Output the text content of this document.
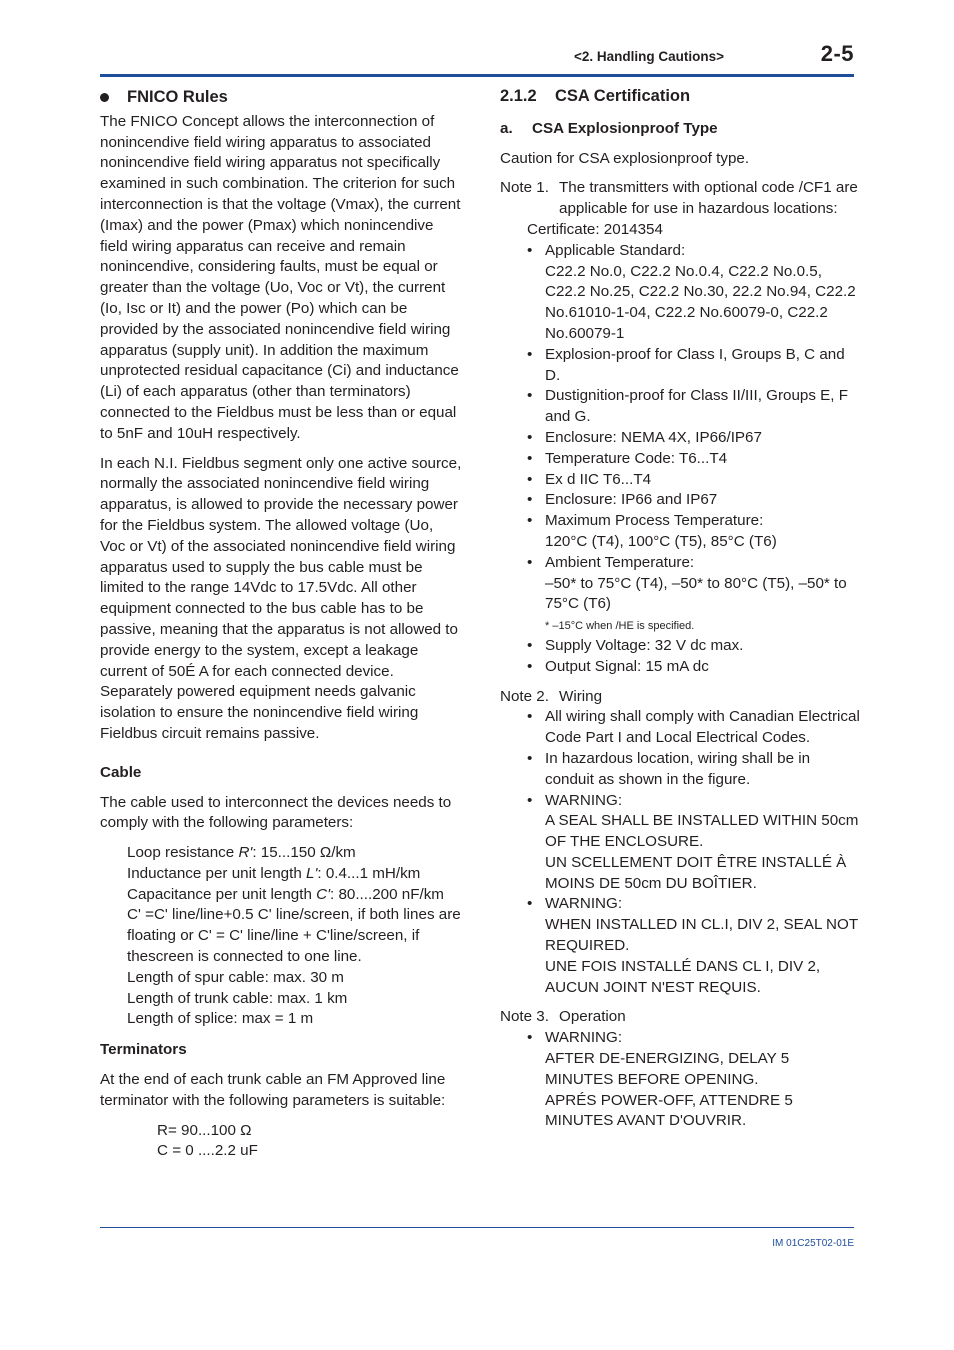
<2. Handling Cautions>	2-5

FNICO Rules

The FNICO Concept allows the interconnection of nonincendive field wiring apparatus to associated nonincendive field wiring apparatus not specifically examined in such combination. The criterion for such interconnection is that the voltage (Vmax), the current (Imax) and the power (Pmax) which nonincendive field wiring apparatus can receive and remain nonincendive, considering faults, must be equal or greater than the voltage (Uo, Voc or Vt), the current (Io, Isc or It) and the power (Po) which can be provided by the associated nonincendive field wiring apparatus (supply unit). In addition the maximum unprotected residual capacitance (Ci) and inductance (Li) of each apparatus (other than terminators) connected to the Fieldbus must be less than or equal to 5nF and 10uH respectively.

In each N.I. Fieldbus segment only one active source, normally the associated nonincendive field wiring apparatus, is allowed to provide the necessary power for the Fieldbus system. The allowed voltage (Uo, Voc or Vt) of the associated nonincendive field wiring apparatus used to supply the bus cable must be limited to the range 14Vdc to 17.5Vdc. All other equipment connected to the bus cable has to be passive, meaning that the apparatus is not allowed to provide energy to the system, except a leakage current of 50É A for each connected device. Separately powered equipment needs galvanic isolation to ensure the nonincendive field wiring Fieldbus circuit remains passive.

Cable

The cable used to interconnect the devices needs to comply with the following parameters:

Loop resistance R': 15...150 Ω/km

Inductance per unit length L': 0.4...1 mH/km

Capacitance per unit length C': 80....200 nF/km

C' =C' line/line+0.5 C' line/screen, if both lines are floating or C' = C' line/line + C'line/screen, if thescreen is connected to one line.

Length of spur cable: max. 30 m

Length of trunk cable: max. 1 km

Length of splice: max = 1 m

Terminators

At the end of each trunk cable an FM Approved line terminator with the following parameters is suitable:

R= 90...100 Ω

C = 0 ....2.2 uF

2.1.2 CSA Certification

a. CSA Explosionproof Type

Caution for CSA explosionproof type.

Note 1. The transmitters with optional code /CF1 are applicable for use in hazardous locations:

Certificate: 2014354

• Applicable Standard:
C22.2 No.0, C22.2 No.0.4, C22.2 No.0.5, C22.2 No.25, C22.2 No.30, 22.2 No.94, C22.2 No.61010-1-04, C22.2 No.60079-0, C22.2 No.60079-1
• Explosion-proof for Class I, Groups B, C and D.
• Dustignition-proof for Class II/III, Groups E, F and G.
• Enclosure: NEMA 4X, IP66/IP67
• Temperature Code: T6...T4
• Ex d IIC T6...T4
• Enclosure: IP66 and IP67
• Maximum Process Temperature:
120°C (T4), 100°C (T5), 85°C (T6)
• Ambient Temperature:
–50* to 75°C (T4), –50* to 80°C (T5), –50* to 75°C (T6)
* –15°C when /HE is specified.
• Supply Voltage: 32 V dc max.
• Output Signal: 15 mA dc
Note 2. Wiring
• All wiring shall comply with Canadian Electrical Code Part I and Local Electrical Codes.
• In hazardous location, wiring shall be in conduit as shown in the figure.
• WARNING:
A SEAL SHALL BE INSTALLED WITHIN 50cm OF THE ENCLOSURE.
UN SCELLEMENT DOIT ÊTRE INSTALLÉ À MOINS DE 50cm DU BOÎTIER.
• WARNING:
WHEN INSTALLED IN CL.I, DIV 2, SEAL NOT REQUIRED.
UNE FOIS INSTALLÉ DANS CL I, DIV 2, AUCUN JOINT N'EST REQUIS.
Note 3. Operation
• WARNING:
AFTER DE-ENERGIZING, DELAY 5 MINUTES BEFORE OPENING.
APRÉS POWER-OFF, ATTENDRE 5 MINUTES AVANT D'OUVRIR.
IM 01C25T02-01E
